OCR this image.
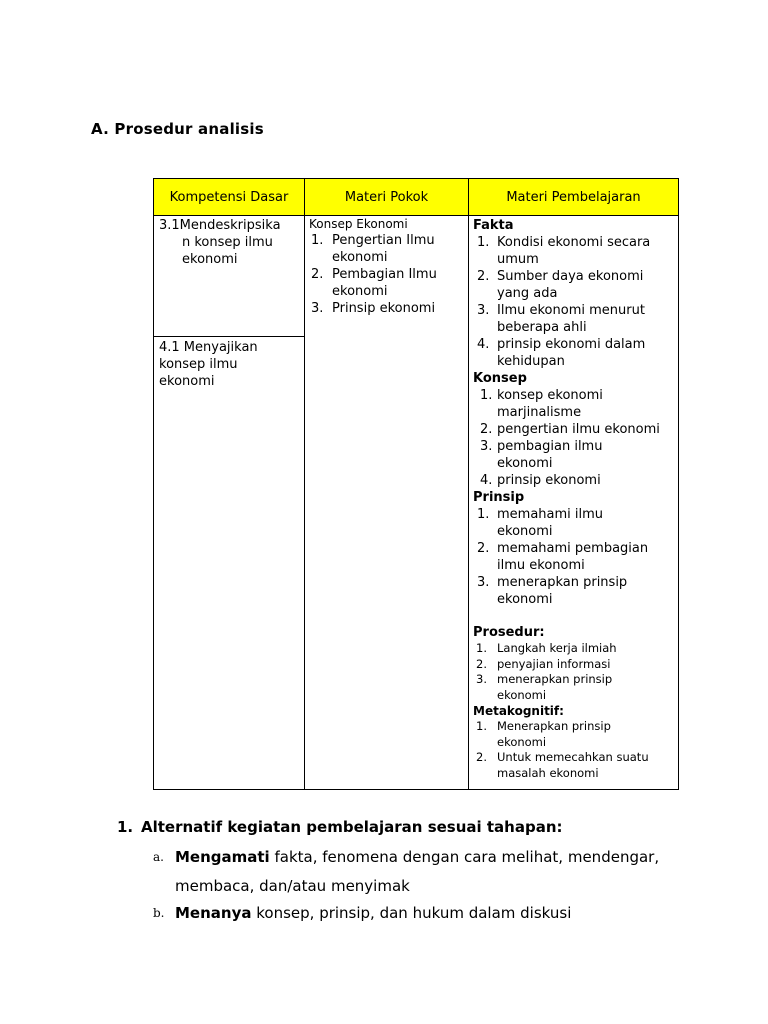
A. Prosedur analisis
Kompetensi Dasar	Materi Pokok	Materi Pembelajaran
3.1Mendeskripsika
n konsep ilmu
ekonomi
4.1 Menyajikan
konsep ilmu
ekonomi
Konsep Ekonomi
1. Pengertian Ilmu
ekonomi
2. Pembagian Ilmu
ekonomi
3. Prinsip ekonomi
Fakta
1. Kondisi ekonomi secara
umum
2. Sumber daya ekonomi
yang ada
3. Ilmu ekonomi menurut
beberapa ahli
4. prinsip ekonomi dalam
kehidupan
Konsep
1. konsep ekonomi
marjinalisme
2. pengertian ilmu ekonomi
3. pembagian ilmu
ekonomi
4. prinsip ekonomi
Prinsip
1. memahami ilmu
ekonomi
2. memahami pembagian
ilmu ekonomi
3. menerapkan prinsip
ekonomi
Prosedur:
1. Langkah kerja ilmiah
2. penyajian informasi
3. menerapkan prinsip
ekonomi
Metakognitif:
1. Menerapkan prinsip
ekonomi
2. Untuk memecahkan suatu
masalah ekonomi
1. Alternatif kegiatan pembelajaran sesuai tahapan:
a. Mengamati fakta, fenomena dengan cara melihat, mendengar,
membaca, dan/atau menyimak
b. Menanya konsep, prinsip, dan hukum dalam diskusi
